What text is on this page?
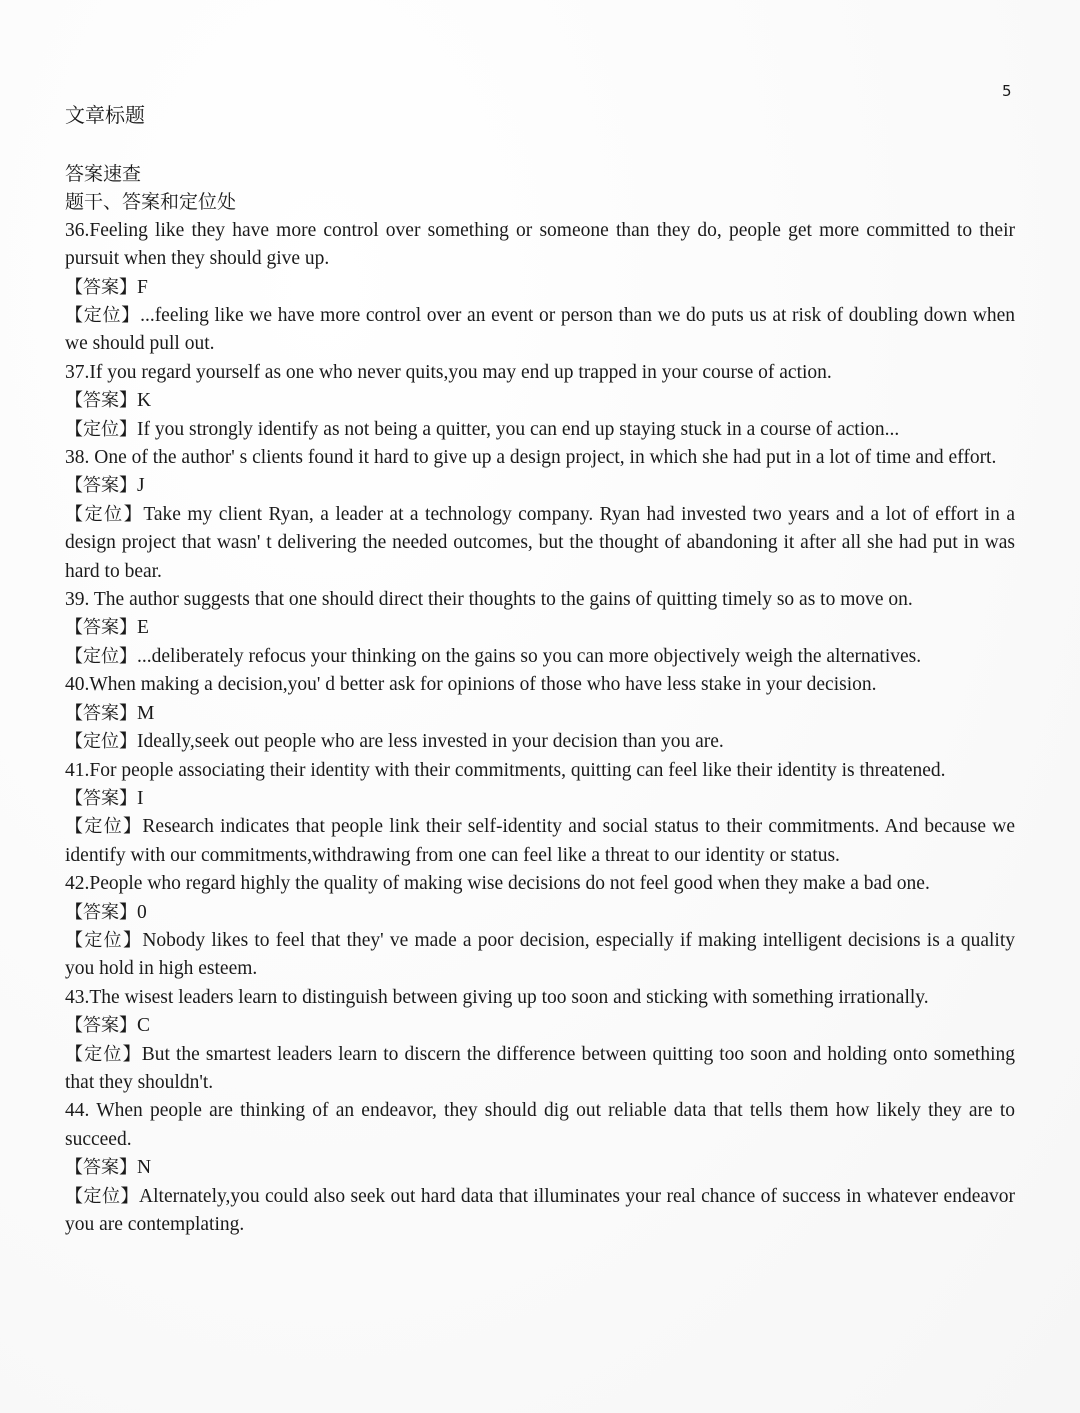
5
文章标题
答案速查
题干、答案和定位处

36.Feeling like they have more control over something or someone than they do, people get more committed to their pursuit when they should give up.

【答案】F

【定位】...feeling like we have more control over an event or person than we do puts us at risk of doubling down when we should pull out.

37.If you regard yourself as one who never quits,you may end up trapped in your course of action.

【答案】K

【定位】If you strongly identify as not being a quitter, you can end up staying stuck in a course of action...

38. One of the author' s clients found it hard to give up a design project, in which she had put in a lot of time and effort.

【答案】J

【定位】Take my client Ryan, a leader at a technology company. Ryan had invested two years and a lot of effort in a design project that wasn' t delivering the needed outcomes, but the thought of abandoning it after all she had put in was hard to bear.

39. The author suggests that one should direct their thoughts to the gains of quitting timely so as to move on.

【答案】E

【定位】...deliberately refocus your thinking on the gains so you can more objectively weigh the alternatives.

40.When making a decision,you' d better ask for opinions of those who have less stake in your decision.

【答案】M

【定位】Ideally,seek out people who are less invested in your decision than you are.

41.For people associating their identity with their commitments, quitting can feel like their identity is threatened.

【答案】I

【定位】Research indicates that people link their self-identity and social status to their commitments. And because we identify with our commitments,withdrawing from one can feel like a threat to our identity or status.

42.People who regard highly the quality of making wise decisions do not feel good when they make a bad one.

【答案】0

【定位】Nobody likes to feel that they' ve made a poor decision, especially if making intelligent decisions is a quality you hold in high esteem.

43.The wisest leaders learn to distinguish between giving up too soon and sticking with something irrationally.

【答案】C

【定位】But the smartest leaders learn to discern the difference between quitting too soon and holding onto something that they shouldn't.

44. When people are thinking of an endeavor, they should dig out reliable data that tells them how likely they are to succeed.

【答案】N

【定位】Alternately,you could also seek out hard data that illuminates your real chance of success in whatever endeavor you are contemplating.
